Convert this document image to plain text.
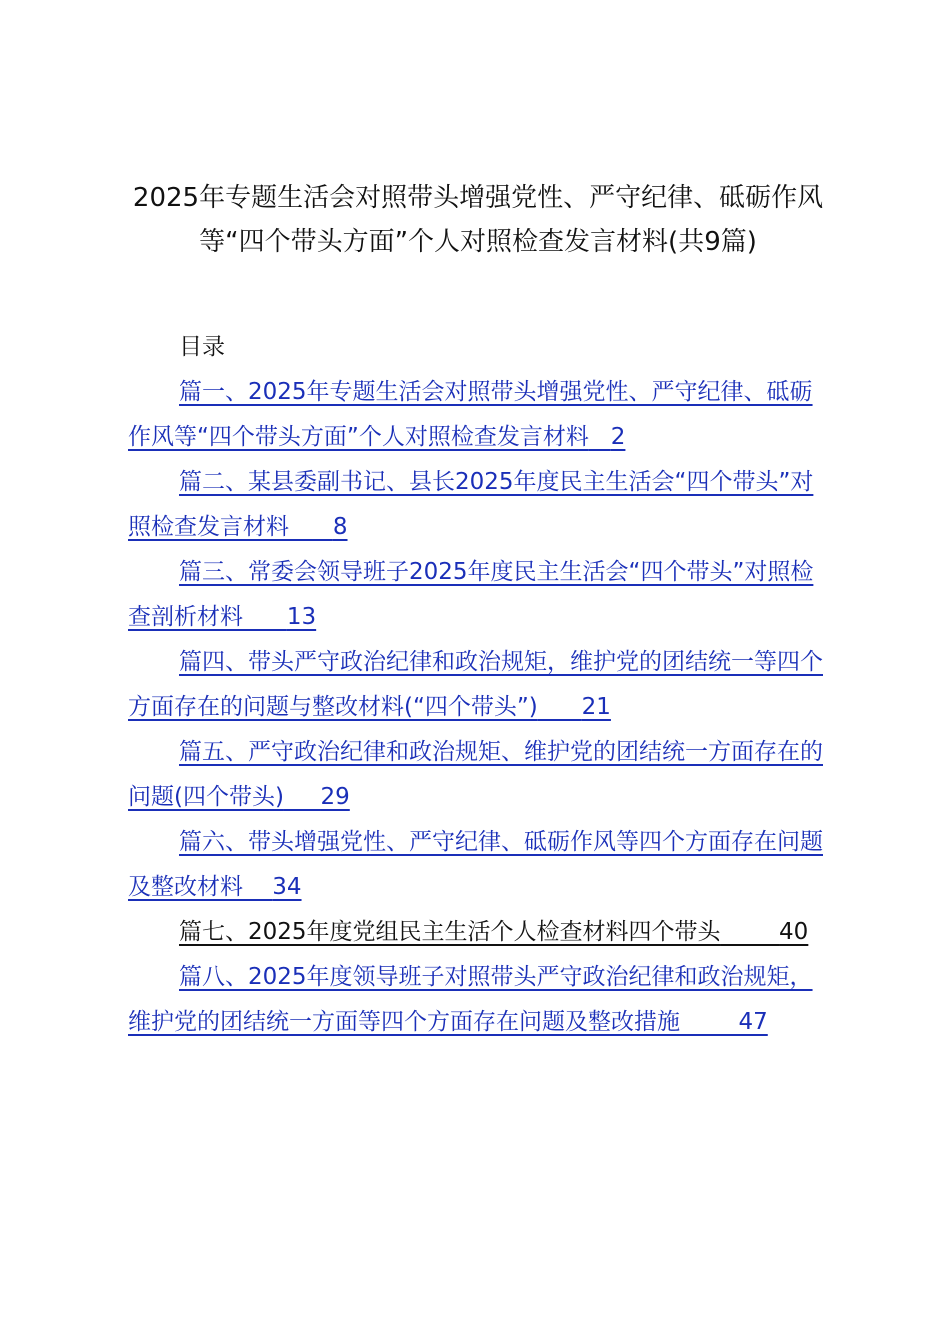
2025年专题生活会对照带头增强党性、严守纪律、砥砺作风等“四个带头方面”个人对照检查发言材料(共9篇)
目录
篇一、2025年专题生活会对照带头增强党性、严守纪律、砥砺作风等“四个带头方面”个人对照检查发言材料 2
篇二、某县委副书记、县长2025年度民主生活会“四个带头”对照检查发言材料 8
篇三、常委会领导班子2025年度民主生活会“四个带头”对照检查剖析材料 13
篇四、带头严守政治纪律和政治规矩，维护党的团结统一等四个方面存在的问题与整改材料(“四个带头”) 21
篇五、严守政治纪律和政治规矩、维护党的团结统一方面存在的问题(四个带头) 29
篇六、带头增强党性、严守纪律、砥砺作风等四个方面存在问题及整改材料 34
篇七、2025年度党组民主生活个人检查材料四个带头	40
篇八、2025年度领导班子对照带头严守政治纪律和政治规矩，维护党的团结统一方面等四个方面存在问题及整改措施	47
